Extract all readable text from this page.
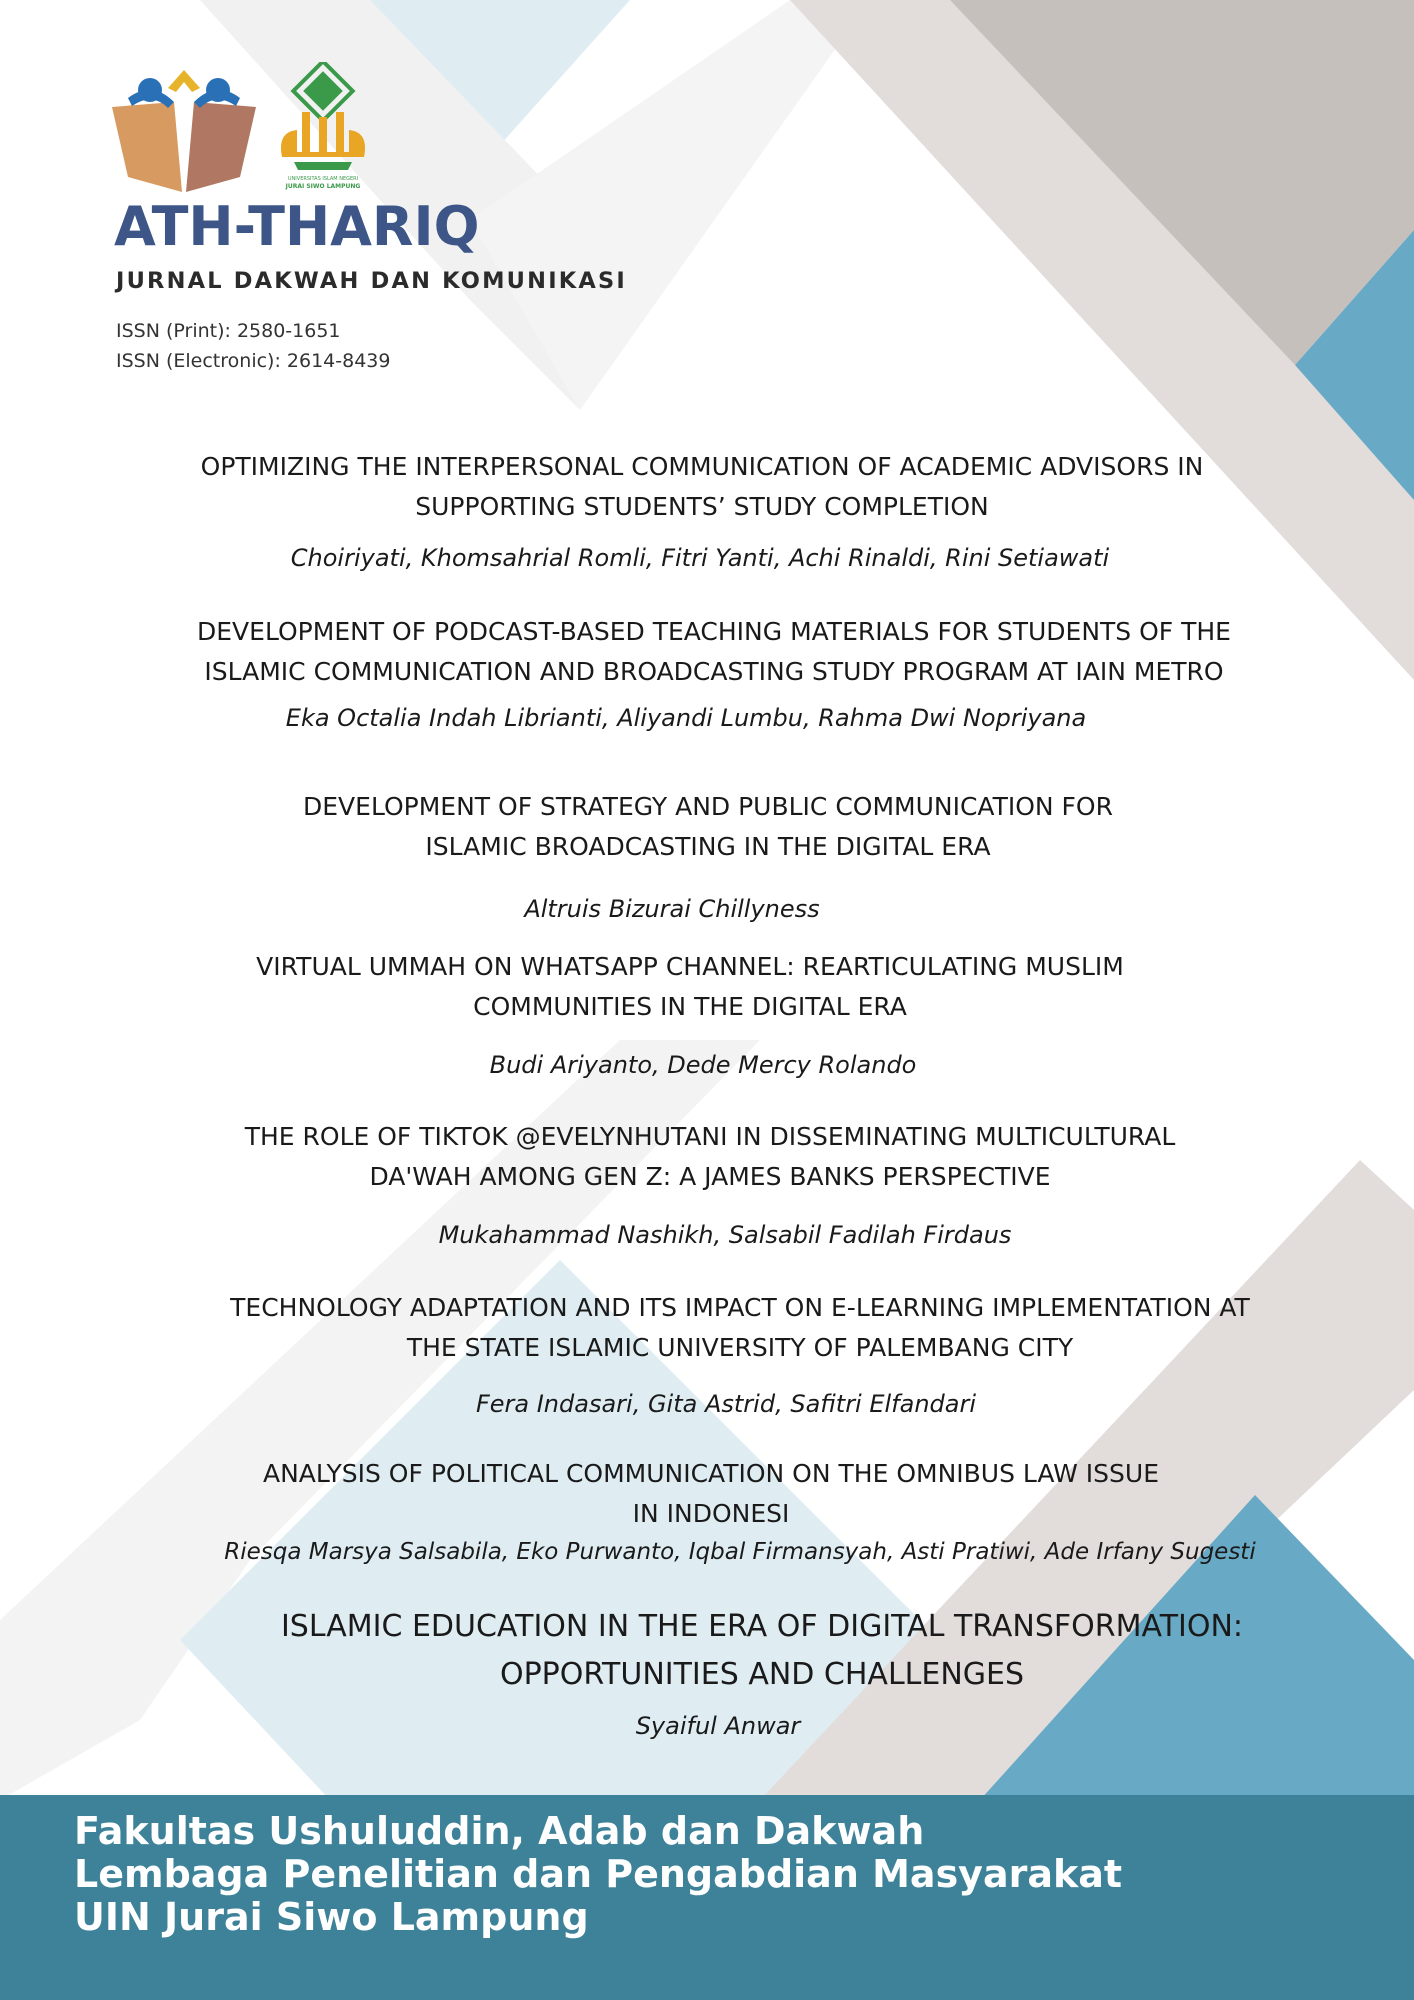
UNIVERSITAS ISLAM NEGERI
JURAI SIWO LAMPUNG
ATH-THARIQ
JURNAL DAKWAH DAN KOMUNIKASI
ISSN (Print): 2580-1651
ISSN (Electronic): 2614-8439
OPTIMIZING THE INTERPERSONAL COMMUNICATION OF ACADEMIC ADVISORS IN
SUPPORTING STUDENTS’ STUDY COMPLETION
Choiriyati, Khomsahrial Romli, Fitri Yanti, Achi Rinaldi, Rini Setiawati
DEVELOPMENT OF PODCAST-BASED TEACHING MATERIALS FOR STUDENTS OF THE
ISLAMIC COMMUNICATION AND BROADCASTING STUDY PROGRAM AT IAIN METRO
Eka Octalia Indah Librianti, Aliyandi Lumbu, Rahma Dwi Nopriyana
DEVELOPMENT OF STRATEGY AND PUBLIC COMMUNICATION FOR
ISLAMIC BROADCASTING IN THE DIGITAL ERA
Altruis Bizurai Chillyness
VIRTUAL UMMAH ON WHATSAPP CHANNEL: REARTICULATING MUSLIM
COMMUNITIES IN THE DIGITAL ERA
Budi Ariyanto, Dede Mercy Rolando
THE ROLE OF TIKTOK @EVELYNHUTANI IN DISSEMINATING MULTICULTURAL
DA'WAH AMONG GEN Z: A JAMES BANKS PERSPECTIVE
Mukahammad Nashikh, Salsabil Fadilah Firdaus
TECHNOLOGY ADAPTATION AND ITS IMPACT ON E-LEARNING IMPLEMENTATION AT
THE STATE ISLAMIC UNIVERSITY OF PALEMBANG CITY
Fera Indasari, Gita Astrid, Safitri Elfandari
ANALYSIS OF POLITICAL COMMUNICATION ON THE OMNIBUS LAW ISSUE
IN INDONESI
Riesqa Marsya Salsabila, Eko Purwanto, Iqbal Firmansyah, Asti Pratiwi, Ade Irfany Sugesti
ISLAMIC EDUCATION IN THE ERA OF DIGITAL TRANSFORMATION:
OPPORTUNITIES AND CHALLENGES
Syaiful Anwar
Fakultas Ushuluddin, Adab dan Dakwah
Lembaga Penelitian dan Pengabdian Masyarakat
UIN Jurai Siwo Lampung
